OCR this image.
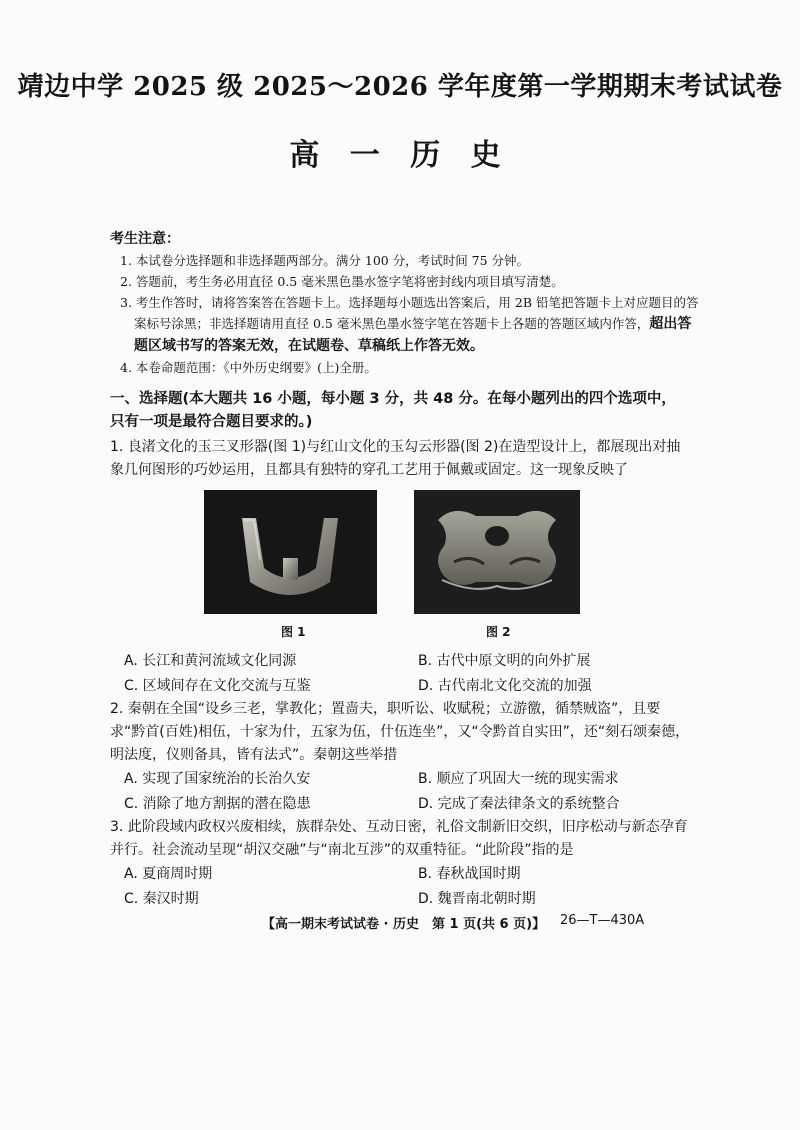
靖边中学 2025 级 2025～2026 学年度第一学期期末考试试卷
高 一 历 史
考生注意：
1. 本试卷分选择题和非选择题两部分。满分 100 分，考试时间 75 分钟。
2. 答题前，考生务必用直径 0.5 毫米黑色墨水签字笔将密封线内项目填写清楚。
3. 考生作答时，请将答案答在答题卡上。选择题每小题选出答案后，用 2B 铅笔把答题卡上对应题目的答案标号涂黑；非选择题请用直径 0.5 毫米黑色墨水签字笔在答题卡上各题的答题区域内作答，超出答题区域书写的答案无效，在试题卷、草稿纸上作答无效。
4. 本卷命题范围：《中外历史纲要》(上)全册。
一、选择题(本大题共 16 小题，每小题 3 分，共 48 分。在每小题列出的四个选项中，只有一项是最符合题目要求的。)
1. 良渚文化的玉三叉形器(图 1)与红山文化的玉勾云形器(图 2)在造型设计上，都展现出对抽象几何图形的巧妙运用，且都具有独特的穿孔工艺用于佩戴或固定。这一现象反映了
图 1	图 2
A. 长江和黄河流域文化同源	B. 古代中原文明的向外扩展
C. 区域间存在文化交流与互鉴	D. 古代南北文化交流的加强
2. 秦朝在全国“设乡三老，掌教化；置啬夫，职听讼、收赋税；立游徼，循禁贼盗”，且要求“黔首(百姓)相伍，十家为什，五家为伍，什伍连坐”，又“令黔首自实田”，还“刻石颂秦德，明法度，仪则备具，皆有法式”。秦朝这些举措
A. 实现了国家统治的长治久安	B. 顺应了巩固大一统的现实需求
C. 消除了地方割据的潜在隐患	D. 完成了秦法律条文的系统整合
3. 此阶段域内政权兴废相续，族群杂处、互动日密，礼俗文制新旧交织，旧序松动与新态孕育并行。社会流动呈现“胡汉交融”与“南北互涉”的双重特征。“此阶段”指的是
A. 夏商周时期	B. 春秋战国时期
C. 秦汉时期	D. 魏晋南北朝时期
【高一期末考试试卷 · 历史　第 1 页(共 6 页)】 26—T—430A
